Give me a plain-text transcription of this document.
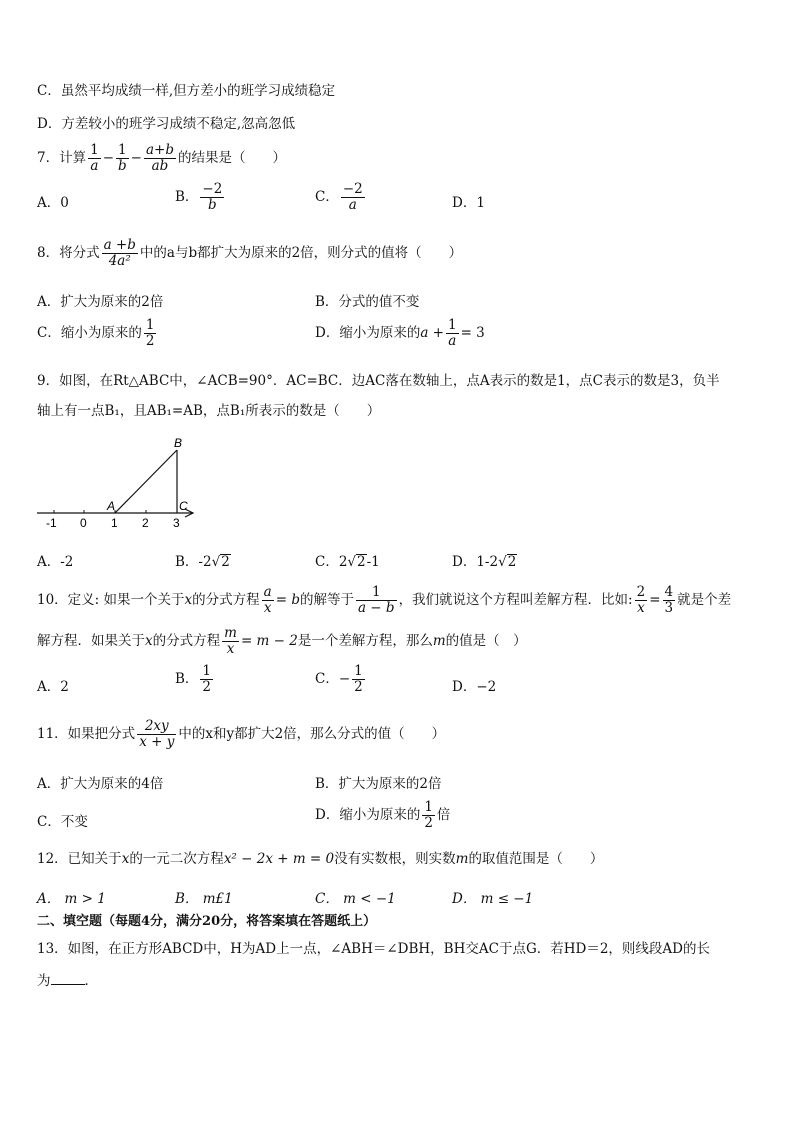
C．虽然平均成绩一样,但方差小的班学习成绩稳定
D．方差较小的班学习成绩不稳定,忽高忽低
7．计算 $\frac{1}{a} - \frac{1}{b} - \frac{a+b}{ab}$ 的结果是（　　）
A．0	B． $\frac{-2}{b}$	C． $\frac{-2}{a}$	D．1
8．将分式 $\frac{a +b}{\text{4a²}}$ 中的a与b都扩大为原来的2倍，则分式的值将（　　）
A．扩大为原来的2倍	B．分式的值不变
C．缩小为原来的 $\frac{1}{2}$	D．缩小为原来的$a + \frac{1}{a} = 3$
9．如图，在Rt△ABC中，∠ACB=90°．AC=BC．边AC落在数轴上，点A表示的数是1，点C表示的数是3，负半
轴上有一点B₁，且AB₁=AB，点B₁所表示的数是（　　）
B
A	C
-1 0 1 2 3
A．-2	B．-2√2	C．2√2-1	D．1-2√2
10．定义: 如果一个关于x的分式方程 $\frac{a}{x} = b$的解等于 $\frac{1}{a - b}$ ，我们就说这个方程叫差解方程．比如: $\frac{2}{x} = \frac{4}{3}$ 就是个差
解方程．如果关于x的分式方程 $\frac{m}{x} = m - 2$是一个差解方程，那么m的值是（　）
A．2	B． $\frac{1}{2}$	C．− $\frac{1}{2}$	D．−2
11．如果把分式 $\frac{2xy}{x + y}$ 中的x和y都扩大2倍，那么分式的值（　　）
A．扩大为原来的4倍	B．扩大为原来的2倍
C．不变	D．缩小为原来的 $\frac{1}{2}$ 倍
12．已知关于x的一元二次方程x² − 2x + m = 0没有实数根，则实数m的取值范围是（　　）
A． m > 1	B． m£1	C． m < −1	D． m ≤ −1
二、填空题（每题4分，满分20分，将答案填在答题纸上）
13．如图，在正方形ABCD中，H为AD上一点，∠ABH＝∠DBH，BH交AC于点G．若HD＝2，则线段AD的长
为	．
